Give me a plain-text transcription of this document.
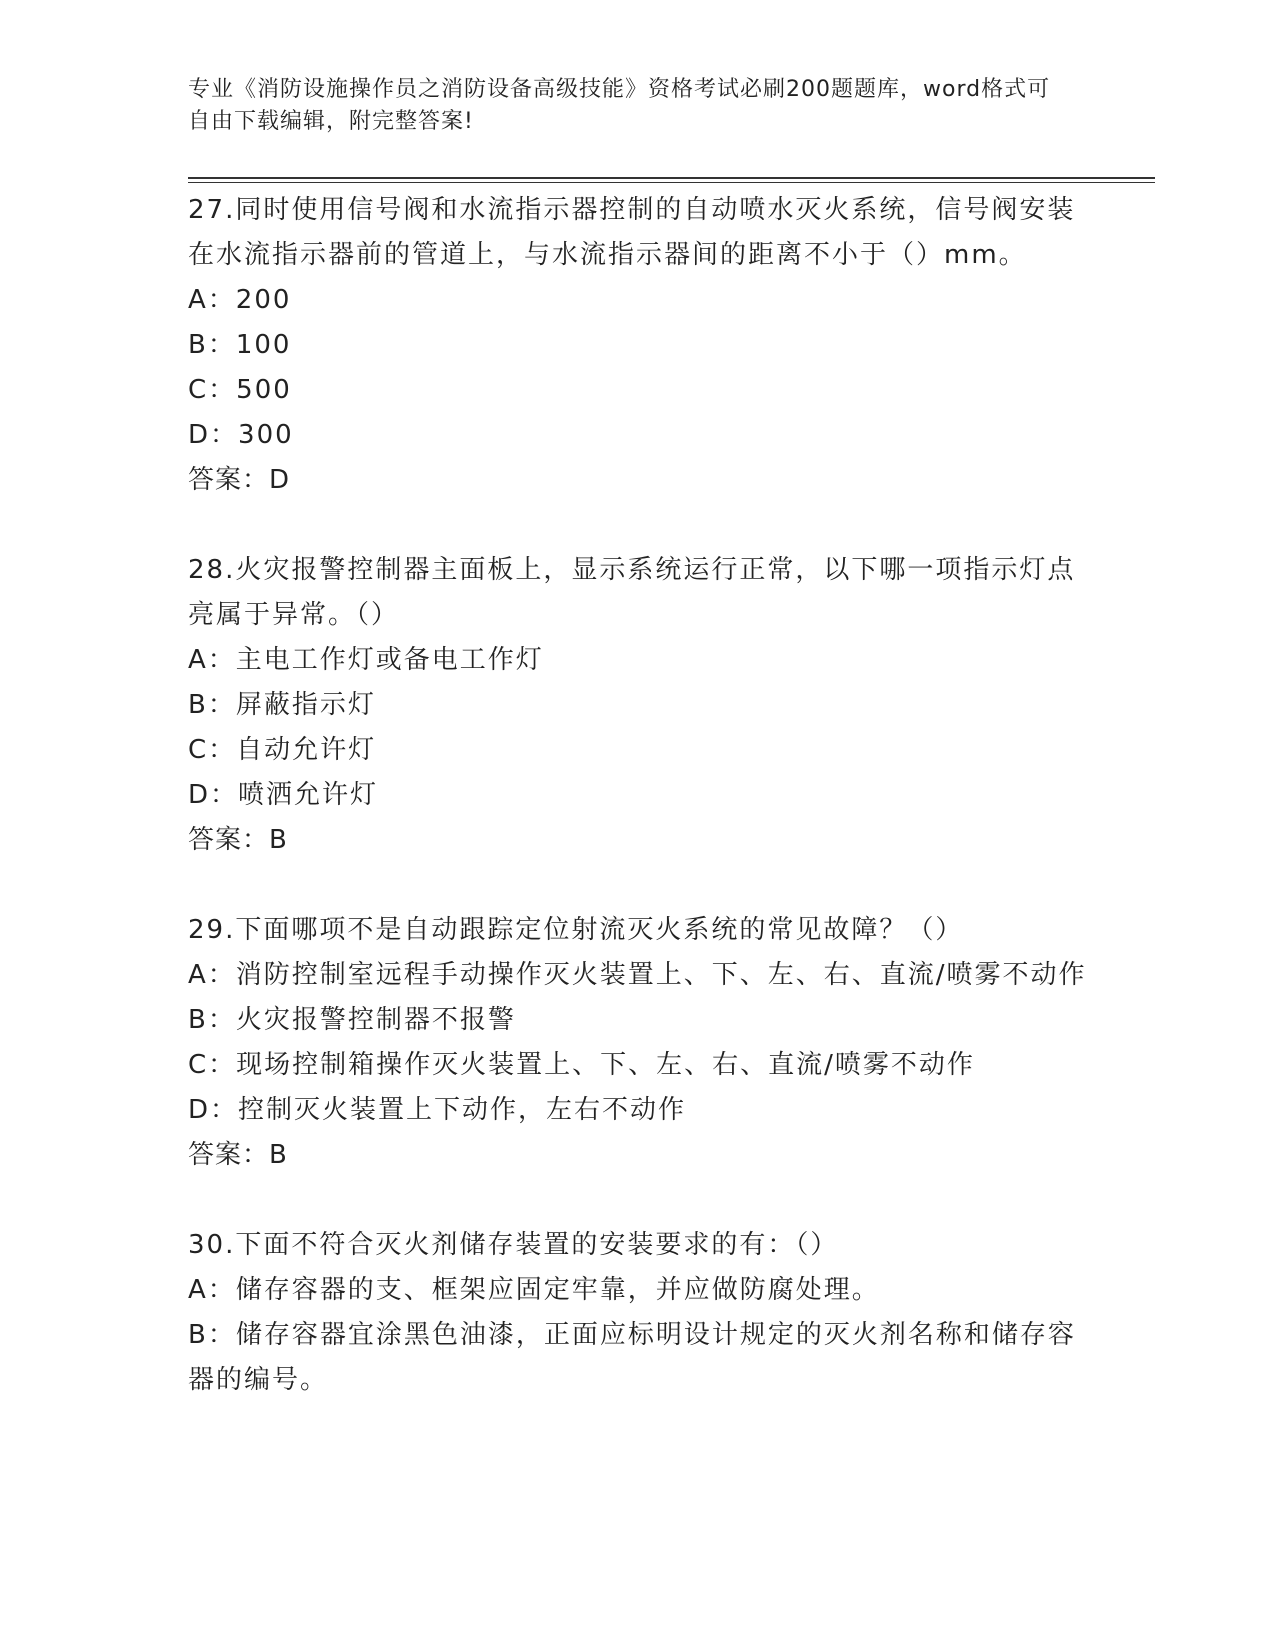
专业《消防设施操作员之消防设备高级技能》资格考试必刷200题题库，word格式可自由下载编辑，附完整答案!
27.同时使用信号阀和水流指示器控制的自动喷水灭火系统，信号阀安装在水流指示器前的管道上，与水流指示器间的距离不小于（）mm。
A：200
B：100
C：500
D：300
答案：D
28.火灾报警控制器主面板上，显示系统运行正常，以下哪一项指示灯点亮属于异常。（）
A：主电工作灯或备电工作灯
B：屏蔽指示灯
C：自动允许灯
D：喷洒允许灯
答案：B
29.下面哪项不是自动跟踪定位射流灭火系统的常见故障？（）
A：消防控制室远程手动操作灭火装置上、下、左、右、直流/喷雾不动作
B：火灾报警控制器不报警
C：现场控制箱操作灭火装置上、下、左、右、直流/喷雾不动作
D：控制灭火装置上下动作，左右不动作
答案：B
30.下面不符合灭火剂储存装置的安装要求的有：（）
A：储存容器的支、框架应固定牢靠，并应做防腐处理。
B：储存容器宜涂黑色油漆，正面应标明设计规定的灭火剂名称和储存容器的编号。
